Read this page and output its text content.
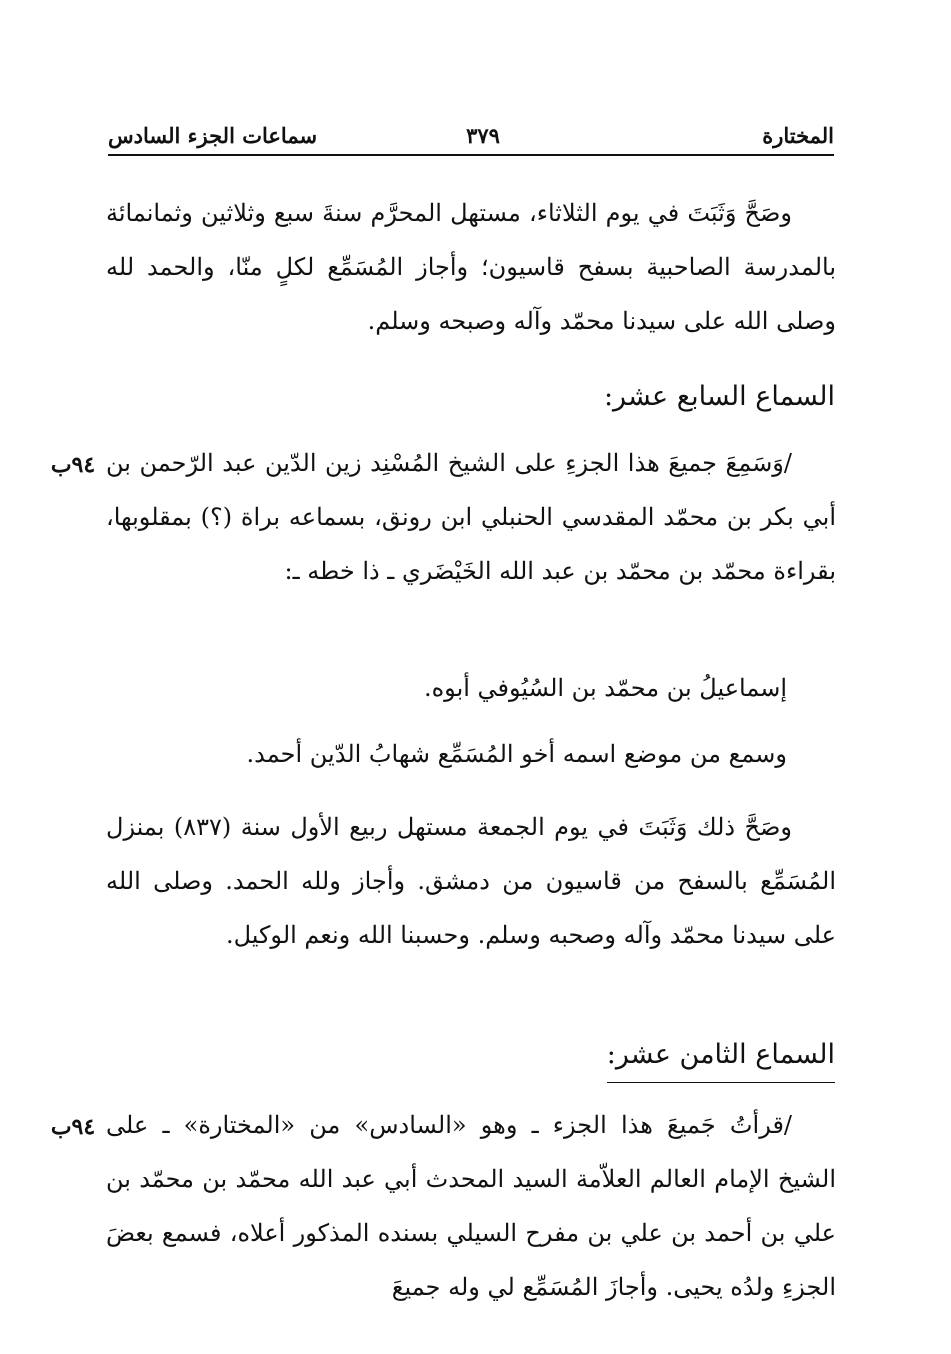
المختارة
٣٧٩
سماعات الجزء السادس
وصَحَّ وَثَبَتَ في يوم الثلاثاء، مستهل المحرَّم سنةَ سبع وثلاثين وثمانمائة بالمدرسة الصاحبية بسفح قاسيون؛ وأجاز المُسَمِّع لكلٍ منّا، والحمد لله وصلى الله على سيدنا محمّد وآله وصبحه وسلم.
السماع السابع عشر:
٩٤ب /وَسَمِعَ جميعَ هذا الجزءِ على الشيخ المُسْنِد زين الدّين عبد الرّحمن بن أبي بكر بن محمّد المقدسي الحنبلي ابن رونق، بسماعه براة (؟) بمقلوبها، بقراءة محمّد بن محمّد بن عبد الله الخَيْضَري ـ ذا خطه ـ:
إسماعيلُ بن محمّد بن السُيُوفي أبوه.
وسمع من موضع اسمه أخو المُسَمِّع شهابُ الدّين أحمد.
وصَحَّ ذلك وَثَبَتَ في يوم الجمعة مستهل ربيع الأول سنة (٨٣٧) بمنزل المُسَمِّع بالسفح من قاسيون من دمشق. وأجاز ولله الحمد. وصلى الله على سيدنا محمّد وآله وصحبه وسلم. وحسبنا الله ونعم الوكيل.
السماع الثامن عشر:
٩٤ب /قرأتُ جَميعَ هذا الجزء ـ وهو «السادس» من «المختارة» ـ على الشيخ الإمام العالم العلاّمة السيد المحدث أبي عبد الله محمّد بن محمّد بن علي بن أحمد بن علي بن مفرح السيلي بسنده المذكور أعلاه، فسمع بعضَ الجزءِ ولدُه يحيى. وأجازَ المُسَمِّع لي وله جميعَ
